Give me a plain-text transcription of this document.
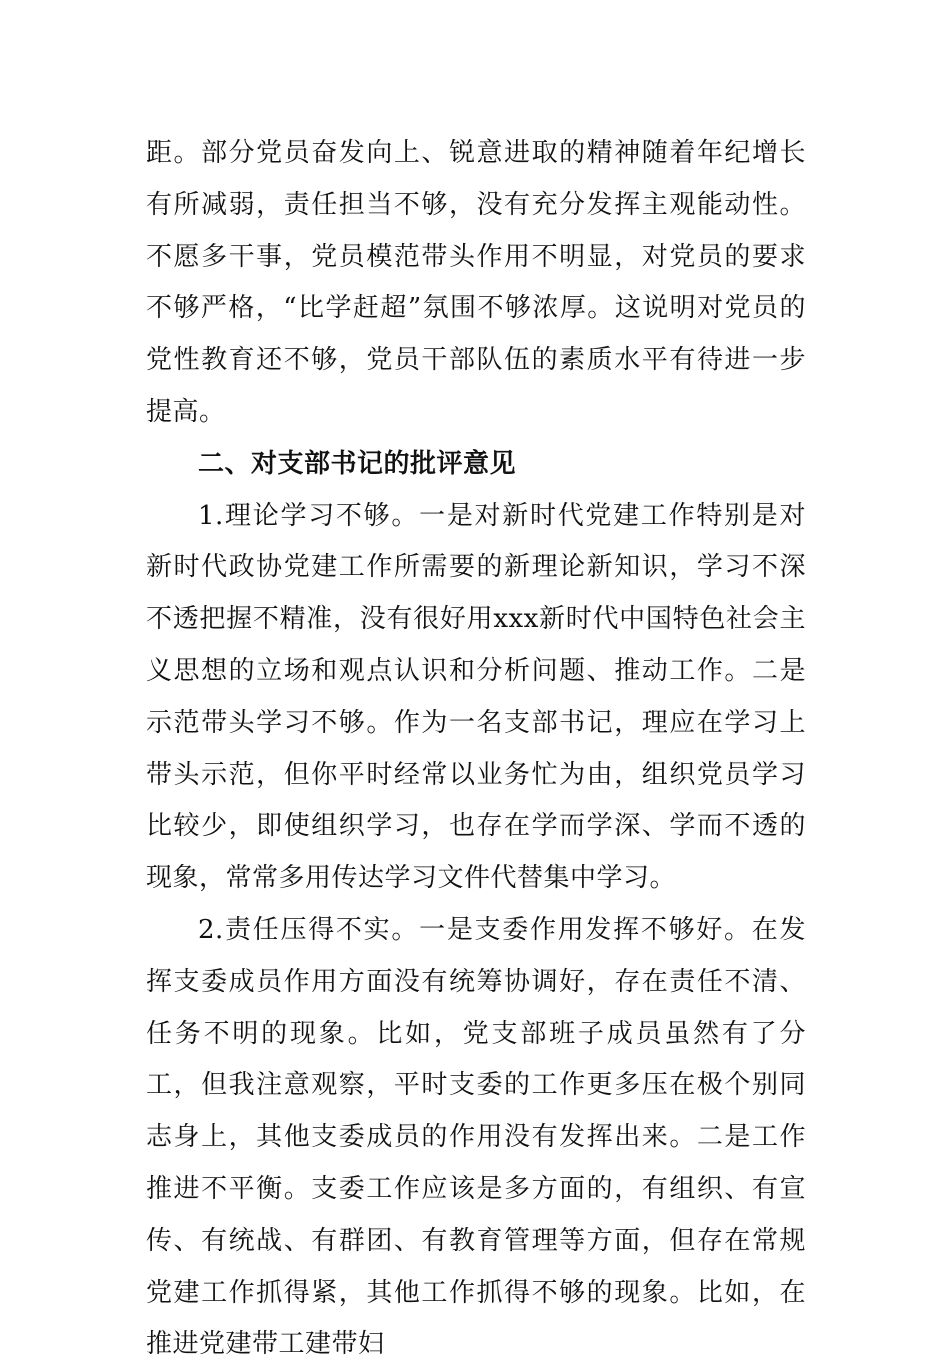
距。部分党员奋发向上、锐意进取的精神随着年纪增长有所减弱，责任担当不够，没有充分发挥主观能动性。不愿多干事，党员模范带头作用不明显，对党员的要求不够严格，“比学赶超”氛围不够浓厚。这说明对党员的党性教育还不够，党员干部队伍的素质水平有待进一步提高。

二、对支部书记的批评意见

1.理论学习不够。一是对新时代党建工作特别是对新时代政协党建工作所需要的新理论新知识，学习不深不透把握不精准，没有很好用xxx新时代中国特色社会主义思想的立场和观点认识和分析问题、推动工作。二是示范带头学习不够。作为一名支部书记，理应在学习上带头示范，但你平时经常以业务忙为由，组织党员学习比较少，即使组织学习，也存在学而学深、学而不透的现象，常常多用传达学习文件代替集中学习。

2.责任压得不实。一是支委作用发挥不够好。在发挥支委成员作用方面没有统筹协调好，存在责任不清、任务不明的现象。比如，党支部班子成员虽然有了分工，但我注意观察，平时支委的工作更多压在极个别同志身上，其他支委成员的作用没有发挥出来。二是工作推进不平衡。支委工作应该是多方面的，有组织、有宣传、有统战、有群团、有教育管理等方面，但存在常规党建工作抓得紧，其他工作抓得不够的现象。比如，在推进党建带工建带妇
